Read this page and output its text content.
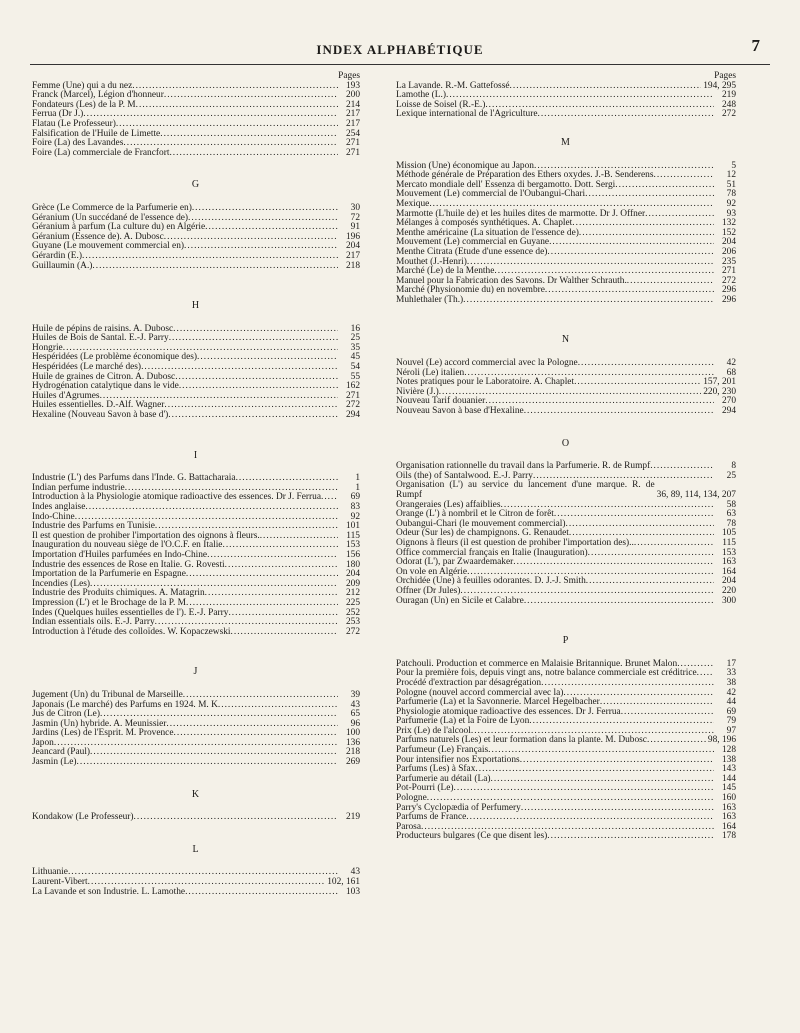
INDEX ALPHABÉTIQUE	7
Pages
Femme (Une) qui a du nez .....	193
Franck (Marcel), Légion d'honneur .....	200
Fondateurs (Les) de la P. M .....	214
Ferrua (Dr J.) .....	217
Flatau (Le Professeur) .....	217
Falsification de l'Huile de Limette .....	254
Foire (La) des Lavandes .....	271
Foire (La) commerciale de Francfort .....	271
G
Grèce (Le Commerce de la Parfumerie en) .....	30
Géranium (Un succédané de l'essence de) .....	72
Géranium à parfum (La culture du) en Algérie .....	91
Géranium (Essence de). A. Dubosc .....	196
Guyane (Le mouvement commercial en) .....	204
Gérardin (E.) .....	217
Guillaumin (A.) .....	218
H
Huile de pépins de raisins. A. Dubosc .....	16
Huiles de Bois de Santal. E.-J. Parry .....	25
Hongrie .....	35
Hespéridées (Le problème économique des) .....	45
Hespéridées (Le marché des) .....	54
Huile de graines de Citron. A. Dubosc .....	55
Hydrogénation catalytique dans le vide .....	162
Huiles d'Agrumes .....	271
Huiles essentielles. D.-Alf. Wagner .....	272
Hexaline (Nouveau Savon à base d') .....	294
I
Industrie (L') des Parfums dans l'Inde. G. Battacharaia .....	1
Indian perfume industrie .....	1
Introduction à la Physiologie atomique radioactive des essences. Dr J. Ferrua .....	69
Indes anglaise .....	83
Indo-Chine .....	92
Industrie des Parfums en Tunisie .....	101
Il est question de prohiber l'importation des oignons à fleurs. .....	115
Inauguration du nouveau siège de l'O.C.F. en Italie .....	153
Importation d'Huiles parfumées en Indo-Chine .....	156
Industrie des essences de Rose en Italie. G. Rovesti .....	180
Importation de la Parfumerie en Espagne .....	204
Incendies (Les) .....	209
Industrie des Produits chimiques. A. Matagrin .....	212
Impression (L') et le Brochage de la P. M .....	225
Indes (Quelques huiles essentielles de l'). E.-J. Parry .....	252
Indian essentials oils. E.-J. Parry .....	253
Introduction à l'étude des colloïdes. W. Kopaczewski .....	272
J
Jugement (Un) du Tribunal de Marseille .....	39
Japonais (Le marché) des Parfums en 1924. M. K .....	43
Jus de Citron (Le) .....	65
Jasmin (Un) hybride. A. Meunissier .....	96
Jardins (Les) de l'Esprit. M. Provence .....	100
Japon .....	136
Jeancard (Paul) .....	218
Jasmin (Le) .....	269
K
Kondakow (Le Professeur) .....	219
L
Lithuanie .....	43
Laurent-Vibert .....	102, 161
La Lavande et son Industrie. L. Lamothe .....	103
Pages
La Lavande. R.-M. Gattefossé .....	194, 295
Lamothe (L.) .....	219
Loisse de Soisel (R.-E.) .....	248
Lexique international de l'Agriculture .....	272
M
Mission (Une) économique au Japon .....	5
Méthode générale de Préparation des Ethers oxydes. J.-B. Senderens .....	12
Mercato mondiale dell' Essenza di bergamotto. Dott. Sergi .....	51
Mouvement (Le) commercial de l'Oubangui-Chari .....	78
Mexique .....	92
Marmotte (L'huile de) et les huiles dites de marmotte. Dr J. Offner .....	93
Mélanges à composés synthétiques. A. Chaplet .....	132
Menthe américaine (La situation de l'essence de) .....	152
Mouvement (Le) commercial en Guyane .....	204
Menthe Citrata (Etude d'une essence de) .....	206
Mouthet (J.-Henri) .....	235
Marché (Le) de la Menthe .....	271
Manuel pour la Fabrication des Savons. Dr Walther Schrauth. .....	272
Marché (Physionomie du) en novembre .....	296
Muhlethaler (Th.) .....	296
N
Nouvel (Le) accord commercial avec la Pologne .....	42
Néroli (Le) italien .....	68
Notes pratiques pour le Laboratoire. A. Chaplet .....	157, 201
Nivière (J.) .....	220, 230
Nouveau Tarif douanier .....	270
Nouveau Savon à base d'Hexaline .....	294
O
Organisation rationnelle du travail dans la Parfumerie. R. de Rumpf .....	8
Oils (the) of Santalwood. E.-J. Parry .....	25
Organisation (L') au service du lancement d'une marque. R. de Rumpf	36, 89, 114, 134, 207
Orangeraies (Les) affaiblies .....	58
Orange (L') à nombril et le Citron de forêt .....	63
Oubangui-Chari (le mouvement commercial) .....	78
Odeur (Sur les) de champignons. G. Renaudet .....	105
Oignons à fleurs (il est question de prohiber l'importation des).. .....	115
Office commercial français en Italie (Inauguration) .....	153
Odorat (L'), par Zwaardemaker .....	163
On vole en Algérie .....	164
Orchidée (Une) à feuilles odorantes. D. J.-J. Smith .....	204
Offner (Dr Jules) .....	220
Ouragan (Un) en Sicile et Calabre .....	300
P
Patchouli. Production et commerce en Malaisie Britannique. Brunet Malon .....	17
Pour la première fois, depuis vingt ans, notre balance commerciale est créditrice .....	33
Procédé d'extraction par désagrégation .....	38
Pologne (nouvel accord commercial avec la) .....	42
Parfumerie (La) et la Savonnerie. Marcel Hegelbacher .....	44
Physiologie atomique radioactive des essences. Dr J. Ferrua .....	69
Parfumerie (La) et la Foire de Lyon .....	79
Prix (Le) de l'alcool .....	97
Parfums naturels (Les) et leur formation dans la plante. M. Dubosc .....	98, 196
Parfumeur (Le) Français .....	128
Pour intensifier nos Exportations .....	138
Parfums (Les) à Sfax .....	143
Parfumerie au détail (La) .....	144
Pot-Pourri (Le) .....	145
Pologne .....	160
Parry's Cyclopædia of Perfumery .....	163
Parfums de France .....	163
Parosa .....	164
Producteurs bulgares (Ce que disent les) .....	178
